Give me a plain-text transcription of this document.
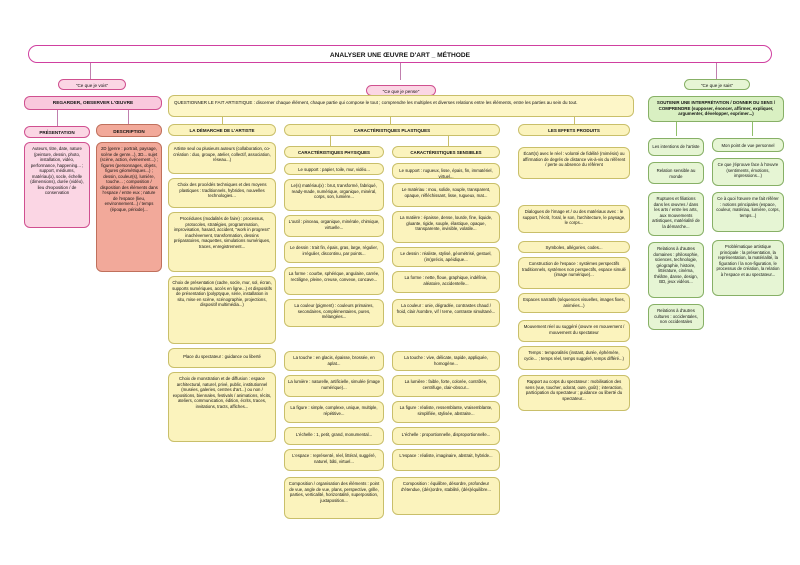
ANALYSER UNE ŒUVRE D'ART _ MÉTHODE
"Ce que je vois"
"Ce que je pense"
"Ce que je sais"
REGARDER, OBSERVER L'ŒUVRE
PRÉSENTATION	DESCRIPTION
Auteurs, titre, date, nature (peinture, dessin, photo, installation, vidéo, performance, happening... ; support, médiums, matériau(x), socle, échelle (dimensions), durée (vidéo), lieu d'exposition / de conservation
2D (genre : portrait, paysage, scène de genre...), 3D... sujet (scène, action, événement...) ; figures (personnages, objets, figures géométriques...) ; dessin, couleur(s), lumière, touche... ; composition / disposition des éléments dans l'espace / entre eux ; nature de l'espace (lieu, environnement...) / temps (époque, période)...
QUESTIONNER LE FAIT ARTISTIQUE : discerner chaque élément, chaque partie qui compose le tout ; comprendre les multiples et diverses relations entre les éléments, entre les parties au sein du tout.
LA DÉMARCHE DE L'ARTISTE
Artiste seul ou plusieurs auteurs (collaboration, co-création : duo, groupe, atelier, collectif, association, réseau...)
Choix des procédés techniques et des moyens plastiques : traditionnels, hybrides, nouvelles technologies...
Procédures (modalités de faire) : processus, protocoles, stratégies, programmation, improvisation, hasard, accident, "work in progress" inachèvement, transformation, dessins préparatoires, maquettes, simulations numériques, traces, enregistrement...
Choix de présentation (cadre, socle, mur, sol, écran, supports numériques, accès en ligne...) et dispositifs de présentation (polyptyque, série, installation in situ, mise en scène, scénographie, projections, dispositif multimédia...)
Place du spectateur : guidance ou liberté
Choix de monstration et de diffusion : espace architectural, naturel, privé, public, institutionnel (musées, galeries, centres d'art...) ou non / expositions, biennales, festivals / animations, récits, ateliers, communication, édition, écrits, traces, invitations, tracts, affiches...
CARACTÉRISTIQUES PLASTIQUES
CARACTÉRISTIQUES PHYSIQUES	CARACTÉRISTIQUES SENSIBLES
Le support : papier, toile, mur, vidéo...
Le(s) matériau(x) : brut, transformé, fabriqué, ready-made, numérique, organique, minéral, corps, son, lumière...
L'outil : pinceau, organique, minérale, chimique, virtuelle...
Le dessin : trait fin, épais, gras, large, régulier, irrégulier, discontinu, par points...
La forme : courbe, sphérique, angulaire, carrée, rectiligne, pleine, creuse, convexe, concave...
La couleur (pigment) : couleurs primaires, secondaires, complémentaires, pures, mélangées...
La touche : en glacis, épaisse, brossée, en aplat...
La lumière : naturelle, artificielle, simulée (image numérique)...
La figure : simple, complexe, unique, multiple, répétitive...
L'échelle : 1, petit, grand, monumental...
L'espace : représenté, réel, littéral, suggéré, naturel, bâti, virtuel...
Composition / organisation des éléments : point de vue, angle de vue, plans, perspective, grille, parties, verticalité, horizontalité, superposition, juxtaposition...
Le support : rugueux, lisse, épais, fin, immatériel, virtuel...
Le matériau : mou, solide, souple, transparent, opaque, réfléchissant, lisse, rugueux, mat...
La matière : épaisse, dense, lourde, fine, liquide, gluante, rigide, souple, élastique, opaque, transparente, invisible, volatile...
Le dessin : réaliste, stylisé, géométrisé, gestuel, (im)précis, apéidique...
La forme : nette, floue, graphique, indéfinie, aléatoire, accidentelle...
La couleur : unie, dégradée, contrastes chaud / froid, clair /sombre, vif / terne, contraste simultané...
La touche : vive, délicate, rapide, appliquée, homogène...
La lumière : faible, forte, colorée, contrôlée, centrifuge, clair-obscur...
La figure : réaliste, ressemblante, vraisemblante, simplifiée, stylisée, abstraite...
L'échelle : proportionnelle, disproportionnelle...
L'espace : réaliste, imaginaire, abstrait, hybride...
Composition : équilibre, désordre, profondeur d'étendue, (dés)ordre, stabilité, (dés)équilibre...
LES EFFETS PRODUITS
Écart(s) avec le réel : volonté de fidélité (mimésis) ou affirmation de degrés de distance vis-à-vis du référent / perte ou absence du référent
Dialogues de l'image et / ou des matériaux avec : le support, l'écrit, l'oral, le son, l'architecture, le paysage, le corps...
Symboles, allégories, codes...
Construction de l'espace : systèmes perspectifs traditionnels, systèmes non perspectifs, espace simulé (image numérique)...
Espaces narratifs (séquences visuelles, images fixes, animées...)
Mouvement réel ou suggéré (œuvre en mouvement / mouvement du spectateur
Temps : temporalités (instant, durée, éphémère, cycle... ; temps réel, temps suggéré, temps différé...)
Rapport au corps du spectateur : mobilisation des sens (vue, toucher, odorat, ouïe, goût) ; interaction, participation du spectateur ; guidance ou liberté du spectateur...
SOUTENIR UNE INTERPRÉTATION / DONNER DU SENS / COMPRENDRE (supposer, énoncer, affirmer, expliquer, argumenter, développer, exprimer...)
Les intentions de l'artiste	Mon point de vue personnel
Relation sensible au monde
Ce que j'éprouve face à l'œuvre (sentiments, émotions, impressions...)
Ruptures et filiations dans les œuvres / dans les arts / entre les arts, aux mouvements artistiques, matérialité de la démarche...
Ce à quoi l'œuvre me fait référer : notions principales (espace, couleur, matériau, lumière, corps, temps...)
Relations à d'autres domaines : philosophie, sciences, technologie, géographie, histoire, littérature, cinéma, théâtre, danse, design, BD, jeux vidéos...
Problématique artistique principale : la présentation, la représentation, la matérialité, la figuration / la non-figuration, le processus de création, la relation à l'espace et au spectateur...
Relations à d'autres cultures : occidentales, non occidentales
